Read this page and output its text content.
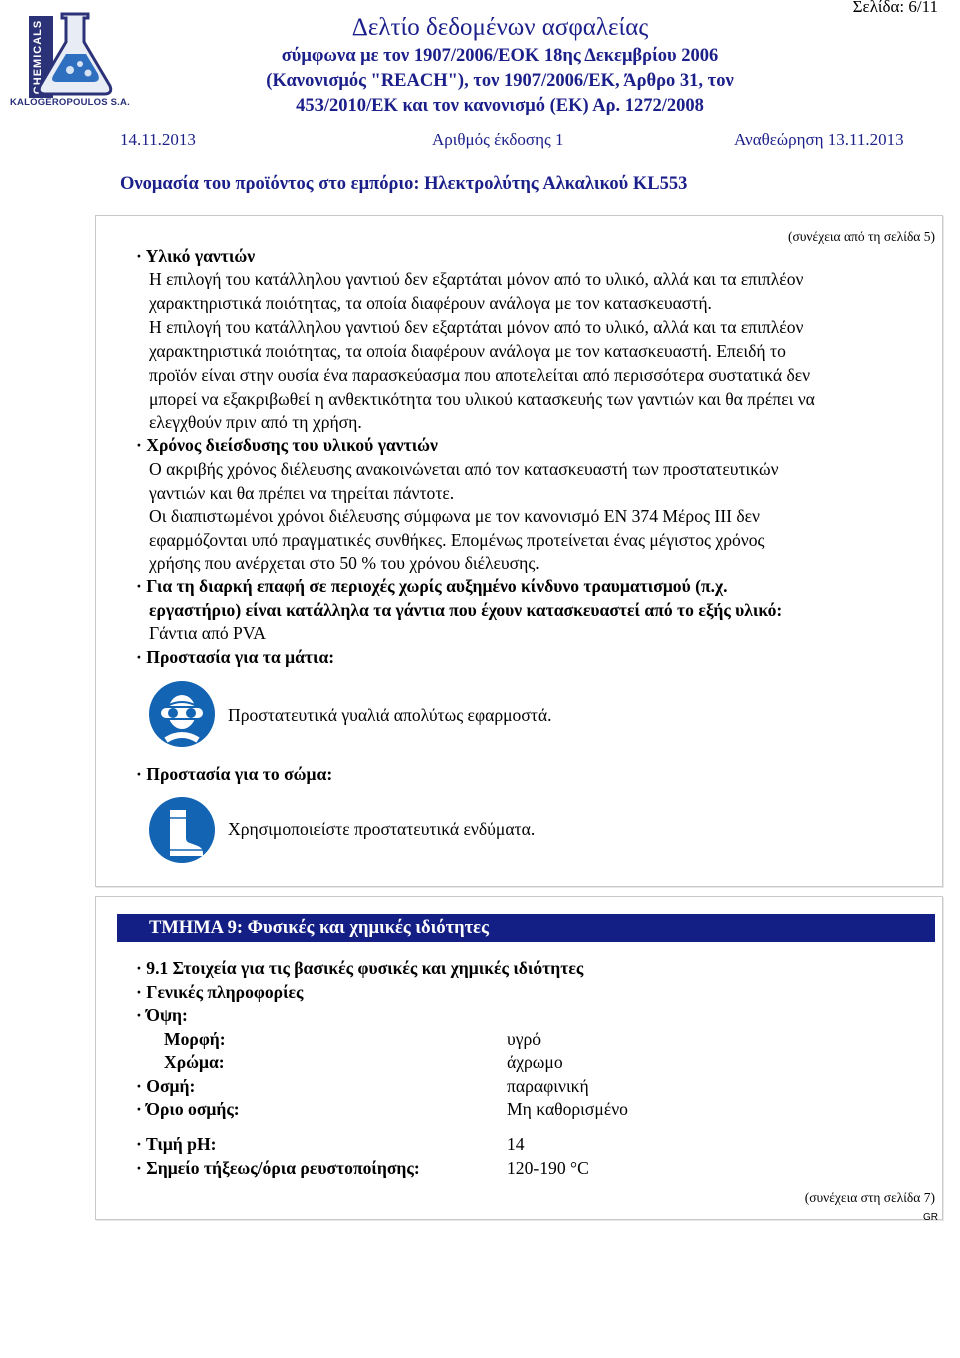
CHEMICALS
KALOGEROPOULOS S.A.
Σελίδα: 6/11
Δελτίο δεδομένων ασφαλείας
σύμφωνα με τον 1907/2006/ΕΟΚ 18ης Δεκεμβρίου 2006
(Κανονισμός "REACH"), τον 1907/2006/ΕΚ, Άρθρο 31, τον
453/2010/ΕΚ και τον κανονισμό (ΕΚ) Αρ. 1272/2008
14.11.2013	Αριθμός έκδοσης 1	Αναθεώρηση 13.11.2013
Ονομασία του προϊόντος στο εμπόριο: Ηλεκτρολύτης Αλκαλικού KL553
(συνέχεια από τη σελίδα 5)
· Υλικό γαντιών
Η επιλογή του κατάλληλου γαντιού δεν εξαρτάται μόνον από το υλικό, αλλά και τα επιπλέον
χαρακτηριστικά ποιότητας, τα οποία διαφέρουν ανάλογα με τον κατασκευαστή.
Η επιλογή του κατάλληλου γαντιού δεν εξαρτάται μόνον από το υλικό, αλλά και τα επιπλέον
χαρακτηριστικά ποιότητας, τα οποία διαφέρουν ανάλογα με τον κατασκευαστή. Επειδή το
προϊόν είναι στην ουσία ένα παρασκεύασμα που αποτελείται από περισσότερα συστατικά δεν
μπορεί να εξακριβωθεί η ανθεκτικότητα του υλικού κατασκευής των γαντιών και θα πρέπει να
ελεγχθούν πριν από τη χρήση.
· Χρόνος διείσδυσης του υλικού γαντιών
Ο ακριβής χρόνος διέλευσης ανακοινώνεται από τον κατασκευαστή των προστατευτικών
γαντιών και θα πρέπει να τηρείται πάντοτε.
Οι διαπιστωμένοι χρόνοι διέλευσης σύμφωνα με τον κανονισμό EN 374 Μέρος III δεν
εφαρμόζονται υπό πραγματικές συνθήκες. Επομένως προτείνεται ένας μέγιστος χρόνος
χρήσης που ανέρχεται στο 50 % του χρόνου διέλευσης.
· Για τη διαρκή επαφή σε περιοχές χωρίς αυξημένο κίνδυνο τραυματισμού (π.χ.
εργαστήριο) είναι κατάλληλα τα γάντια που έχουν κατασκευαστεί από το εξής υλικό:
Γάντια από PVA
· Προστασία για τα μάτια:
Προστατευτικά γυαλιά απολύτως εφαρμοστά.
· Προστασία για το σώμα:
Χρησιμοποιείστε προστατευτικά ενδύματα.
ΤΜΗΜΑ 9: Φυσικές και χημικές ιδιότητες
· 9.1 Στοιχεία για τις βασικές φυσικές και χημικές ιδιότητες
· Γενικές πληροφορίες
· Όψη:
Μορφή:	υγρό
Χρώμα:	άχρωμο
· Οσμή:	παραφινική
· Όριο οσμής:	Μη καθορισμένο
· Τιμή pH:	14
· Σημείο τήξεως/όρια ρευστοποίησης:	120-190 °C
(συνέχεια στη σελίδα 7)
GR
